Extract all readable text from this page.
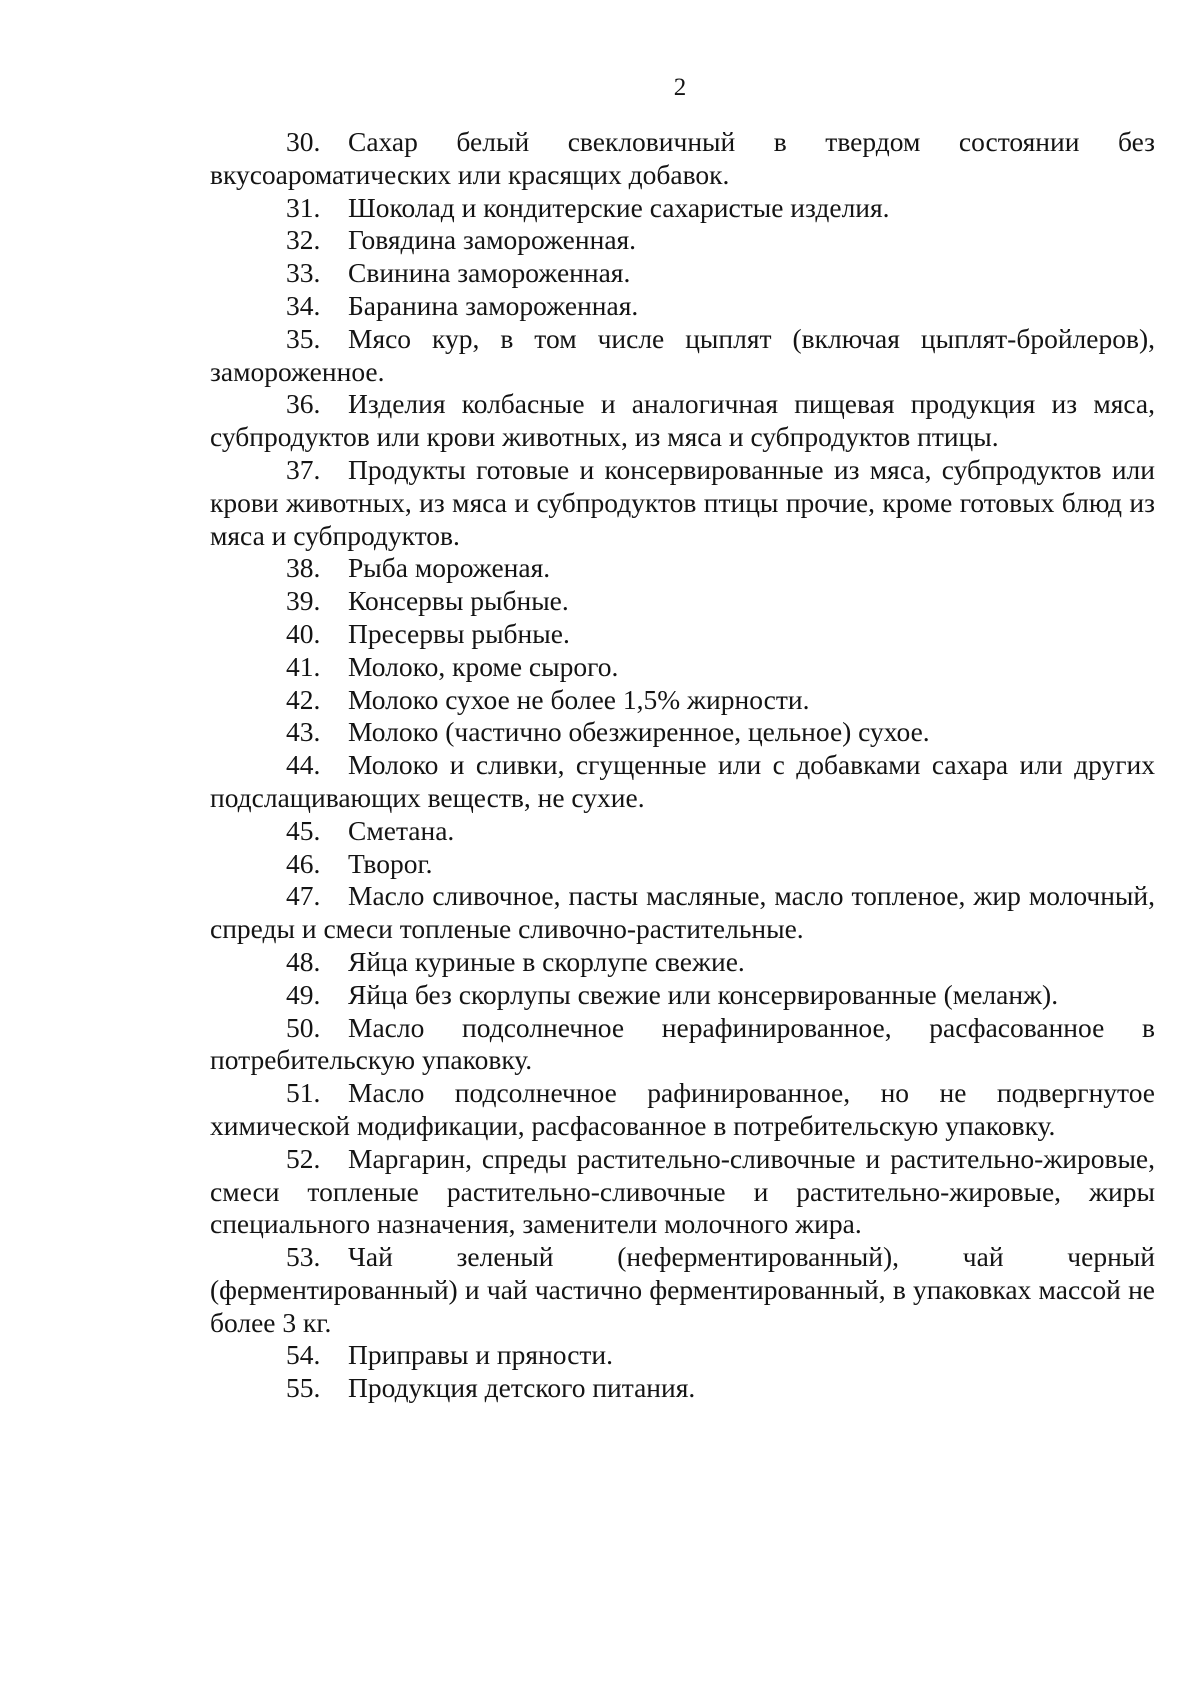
2

30. Сахар белый свекловичный в твердом состоянии без вкусоароматических или красящих добавок.

31. Шоколад и кондитерские сахаристые изделия.

32. Говядина замороженная.

33. Свинина замороженная.

34. Баранина замороженная.

35. Мясо кур, в том числе цыплят (включая цыплят-бройлеров), замороженное.

36. Изделия колбасные и аналогичная пищевая продукция из мяса, субпродуктов или крови животных, из мяса и субпродуктов птицы.

37. Продукты готовые и консервированные из мяса, субпродуктов или крови животных, из мяса и субпродуктов птицы прочие, кроме готовых блюд из мяса и субпродуктов.

38. Рыба мороженая.

39. Консервы рыбные.

40. Пресервы рыбные.

41. Молоко, кроме сырого.

42. Молоко сухое не более 1,5% жирности.

43. Молоко (частично обезжиренное, цельное) сухое.

44. Молоко и сливки, сгущенные или с добавками сахара или других подслащивающих веществ, не сухие.

45. Сметана.

46. Творог.

47. Масло сливочное, пасты масляные, масло топленое, жир молочный, спреды и смеси топленые сливочно-растительные.

48. Яйца куриные в скорлупе свежие.

49. Яйца без скорлупы свежие или консервированные (меланж).

50. Масло подсолнечное нерафинированное, расфасованное в потребительскую упаковку.

51. Масло подсолнечное рафинированное, но не подвергнутое химической модификации, расфасованное в потребительскую упаковку.

52. Маргарин, спреды растительно-сливочные и растительно-жировые, смеси топленые растительно-сливочные и растительно-жировые, жиры специального назначения, заменители молочного жира.

53. Чай зеленый (неферментированный), чай черный (ферментированный) и чай частично ферментированный, в упаковках массой не более 3 кг.

54. Приправы и пряности.

55. Продукция детского питания.
